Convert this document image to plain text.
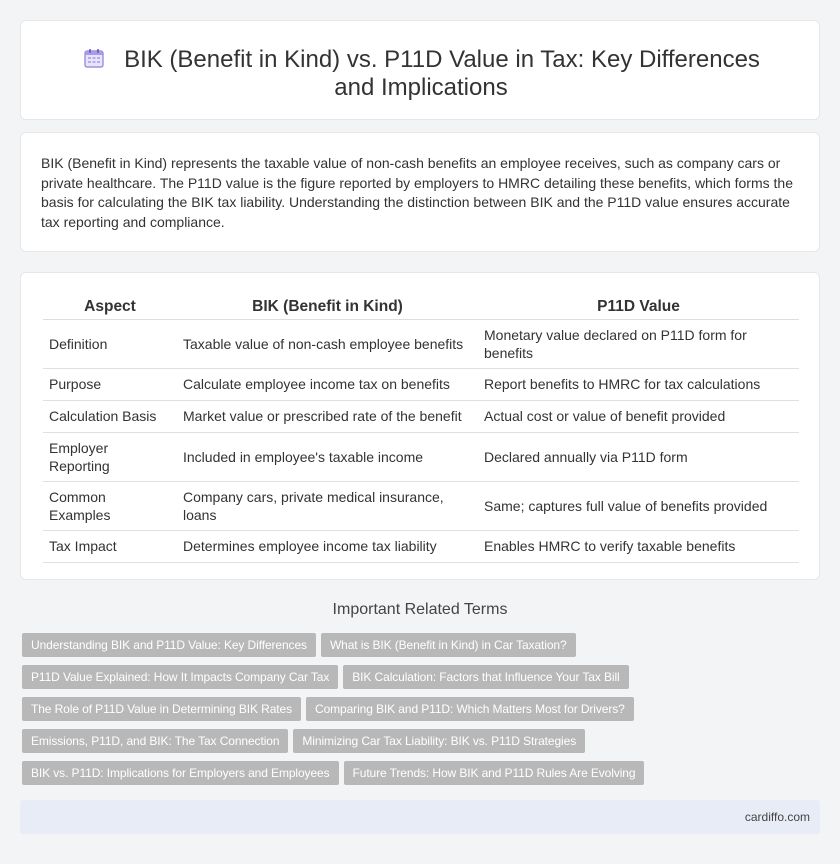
BIK (Benefit in Kind) vs. P11D Value in Tax: Key Differences and Implications

BIK (Benefit in Kind) represents the taxable value of non-cash benefits an employee receives, such as company cars or private healthcare. The P11D value is the figure reported by employers to HMRC detailing these benefits, which forms the basis for calculating the BIK tax liability. Understanding the distinction between BIK and the P11D value ensures accurate tax reporting and compliance.

Aspect	BIK (Benefit in Kind)	P11D Value
Definition	Taxable value of non-cash employee benefits	Monetary value declared on P11D form for benefits
Purpose	Calculate employee income tax on benefits	Report benefits to HMRC for tax calculations
Calculation Basis	Market value or prescribed rate of the benefit	Actual cost or value of benefit provided
Employer Reporting	Included in employee's taxable income	Declared annually via P11D form
Common Examples	Company cars, private medical insurance, loans	Same; captures full value of benefits provided
Tax Impact	Determines employee income tax liability	Enables HMRC to verify taxable benefits
Important Related Terms
Understanding BIK and P11D Value: Key Differences What is BIK (Benefit in Kind) in Car Taxation?
P11D Value Explained: How It Impacts Company Car Tax BIK Calculation: Factors that Influence Your Tax Bill
The Role of P11D Value in Determining BIK Rates Comparing BIK and P11D: Which Matters Most for Drivers?
Emissions, P11D, and BIK: The Tax Connection Minimizing Car Tax Liability: BIK vs. P11D Strategies
BIK vs. P11D: Implications for Employers and Employees Future Trends: How BIK and P11D Rules Are Evolving
cardiffo.com
